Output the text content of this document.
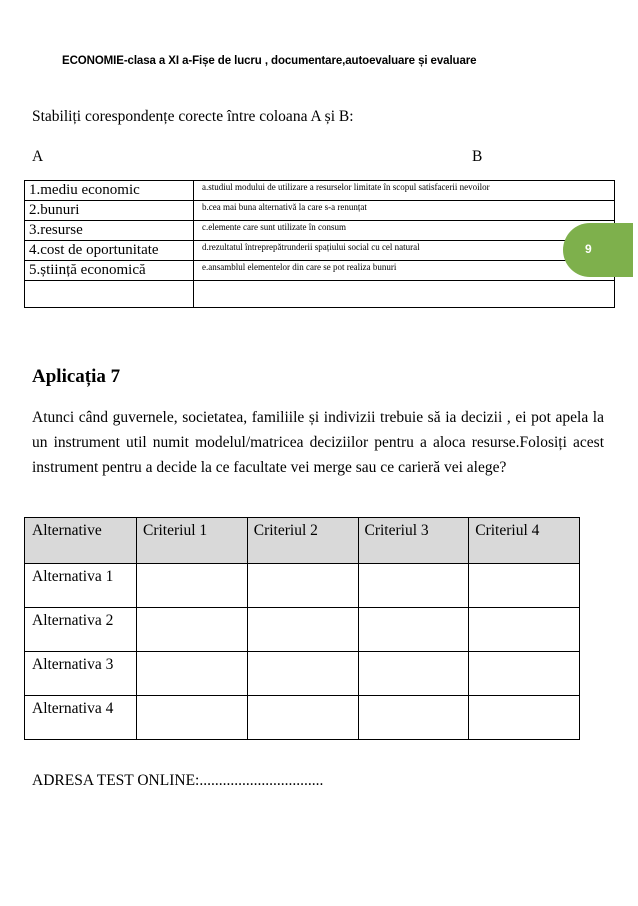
ECONOMIE-clasa a XI a-Fișe de lucru , documentare,autoevaluare și evaluare
Stabiliți corespondențe corecte între coloana A și B:
A	B
1.mediu economic	a.studiul modului de utilizare a resurselor limitate în scopul satisfacerii nevoilor
2.bunuri	b.cea mai buna alternativă la care s-a renunțat
3.resurse	c.elemente care sunt utilizate în consum
4.cost de oportunitate	d.rezultatul întreprepătrunderii spațiului social cu cel natural
5.știință economică	e.ansamblul elementelor din care se pot realiza bunuri

9
Aplicația 7
Atunci când guvernele, societatea, familiile și indivizii trebuie să ia decizii , ei pot apela la un instrument util numit modelul/matricea deciziilor pentru a aloca resurse.Folosiți acest instrument pentru a decide la ce facultate vei merge sau ce carieră vei alege?
Alternative	Criteriul 1	Criteriul 2	Criteriul 3	Criteriul 4
Alternativa 1				
Alternativa 2				
Alternativa 3				
Alternativa 4				
ADRESA TEST ONLINE:................................
